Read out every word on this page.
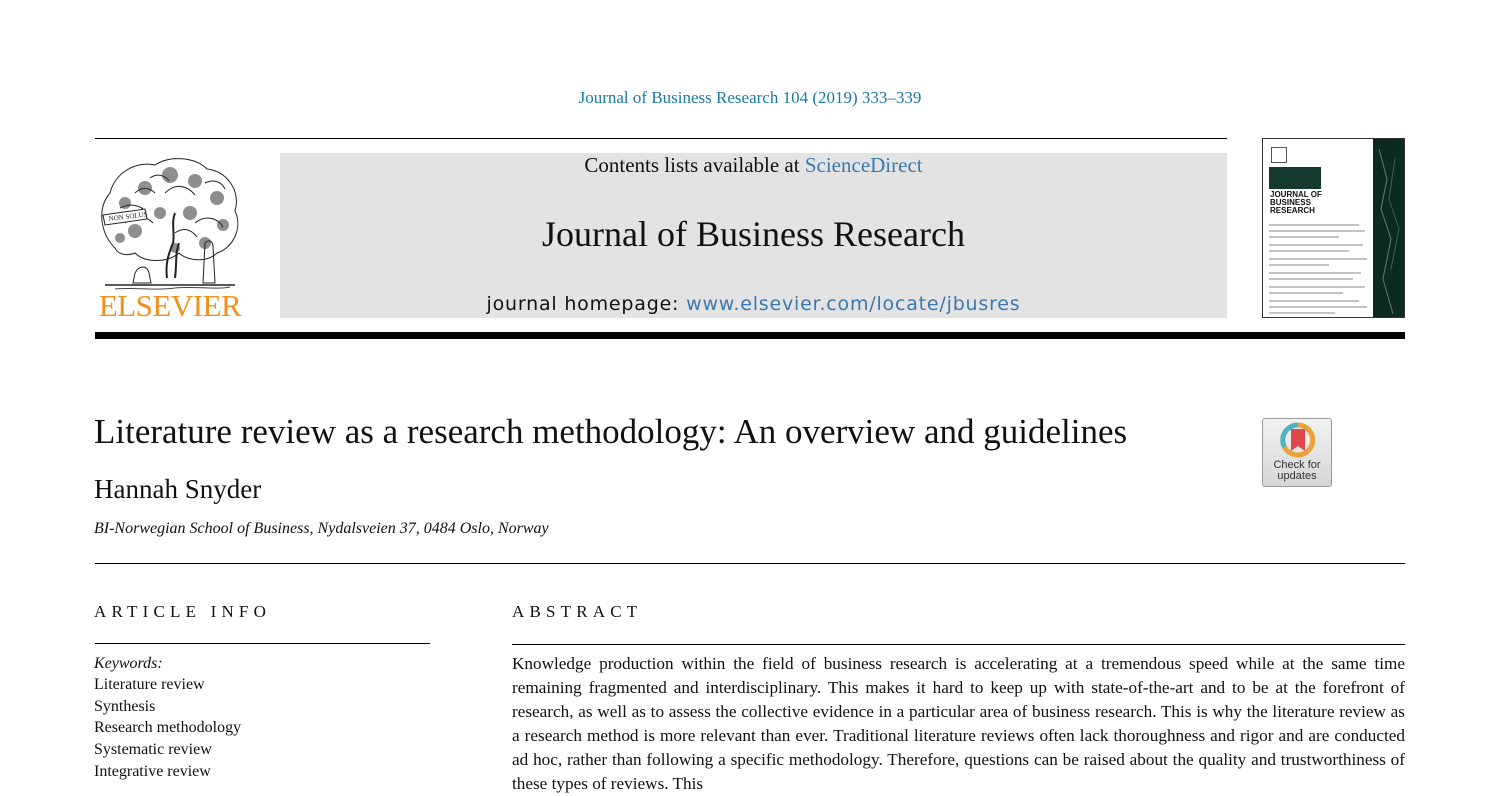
Journal of Business Research 104 (2019) 333–339
NON SOLUS
ELSEVIER
Contents lists available at ScienceDirect
Journal of Business Research
journal homepage: www.elsevier.com/locate/jbusres
JOURNAL OF
BUSINESS
RESEARCH
Literature review as a research methodology: An overview and guidelines
Check for updates
Hannah Snyder
BI-Norwegian School of Business, Nydalsveien 37, 0484 Oslo, Norway
ARTICLE INFO	ABSTRACT
Keywords:
Literature review
Synthesis
Research methodology
Systematic review
Integrative review

Knowledge production within the field of business research is accelerating at a tremendous speed while at the same time remaining fragmented and interdisciplinary. This makes it hard to keep up with state-of-the-art and to be at the forefront of research, as well as to assess the collective evidence in a particular area of business research. This is why the literature review as a research method is more relevant than ever. Traditional literature reviews often lack thoroughness and rigor and are conducted ad hoc, rather than following a specific methodology. Therefore, questions can be raised about the quality and trustworthiness of these types of reviews. This
